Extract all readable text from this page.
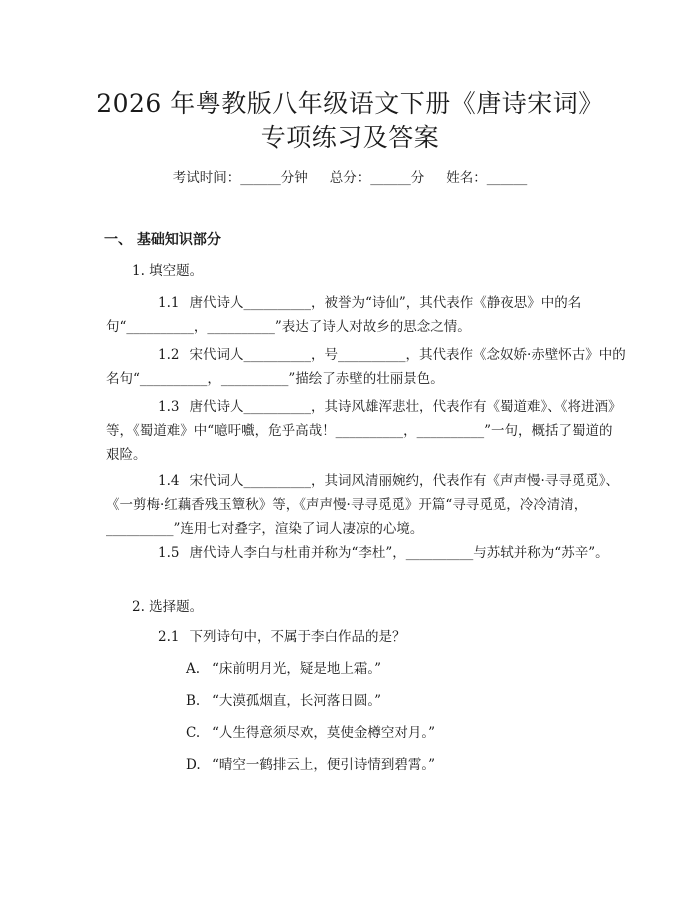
2026 年粤教版八年级语文下册《唐诗宋词》
专项练习及答案
考试时间：______分钟 总分：______分 姓名：______
一、 基础知识部分
1. 填空题。
1.1 唐代诗人__________，被誉为“诗仙”，其代表作《静夜思》中的名句“__________，__________”表达了诗人对故乡的思念之情。
1.2 宋代词人__________，号__________，其代表作《念奴娇·赤壁怀古》中的名句“__________，__________”描绘了赤壁的壮丽景色。
1.3 唐代诗人__________，其诗风雄浑悲壮，代表作有《蜀道难》、《将进酒》等，《蜀道难》中“噫吁嚱，危乎高哉！__________，__________”一句，概括了蜀道的艰险。
1.4 宋代词人__________，其词风清丽婉约，代表作有《声声慢·寻寻觅觅》、《一剪梅·红藕香残玉簟秋》等，《声声慢·寻寻觅觅》开篇“寻寻觅觅，冷冷清清，__________”连用七对叠字，渲染了词人凄凉的心境。
1.5 唐代诗人李白与杜甫并称为“李杜”，__________与苏轼并称为“苏辛”。
2. 选择题。
2.1 下列诗句中，不属于李白作品的是？
A. “床前明月光，疑是地上霜。”
B. “大漠孤烟直，长河落日圆。”
C. “人生得意须尽欢，莫使金樽空对月。”
D. “晴空一鹤排云上，便引诗情到碧霄。”
